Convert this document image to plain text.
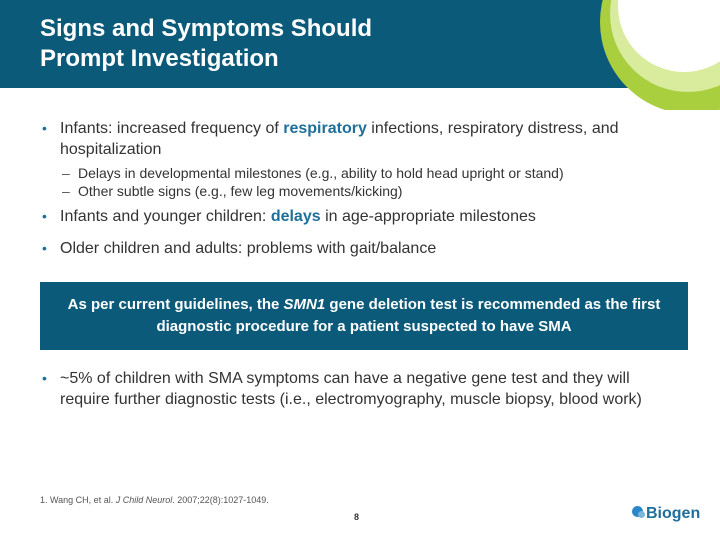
Signs and Symptoms Should
Prompt Investigation
• Infants: increased frequency of respiratory infections, respiratory distress, and hospitalization
– Delays in developmental milestones (e.g., ability to hold head upright or stand)
– Other subtle signs (e.g., few leg movements/kicking)
• Infants and younger children: delays in age-appropriate milestones
• Older children and adults: problems with gait/balance
As per current guidelines, the SMN1 gene deletion test is recommended as the first diagnostic procedure for a patient suspected to have SMA
• ~5% of children with SMA symptoms can have a negative gene test and they will require further diagnostic tests (i.e., electromyography, muscle biopsy, blood work)
1. Wang CH, et al. J Child Neurol. 2007;22(8):1027-1049.
8	Biogen
